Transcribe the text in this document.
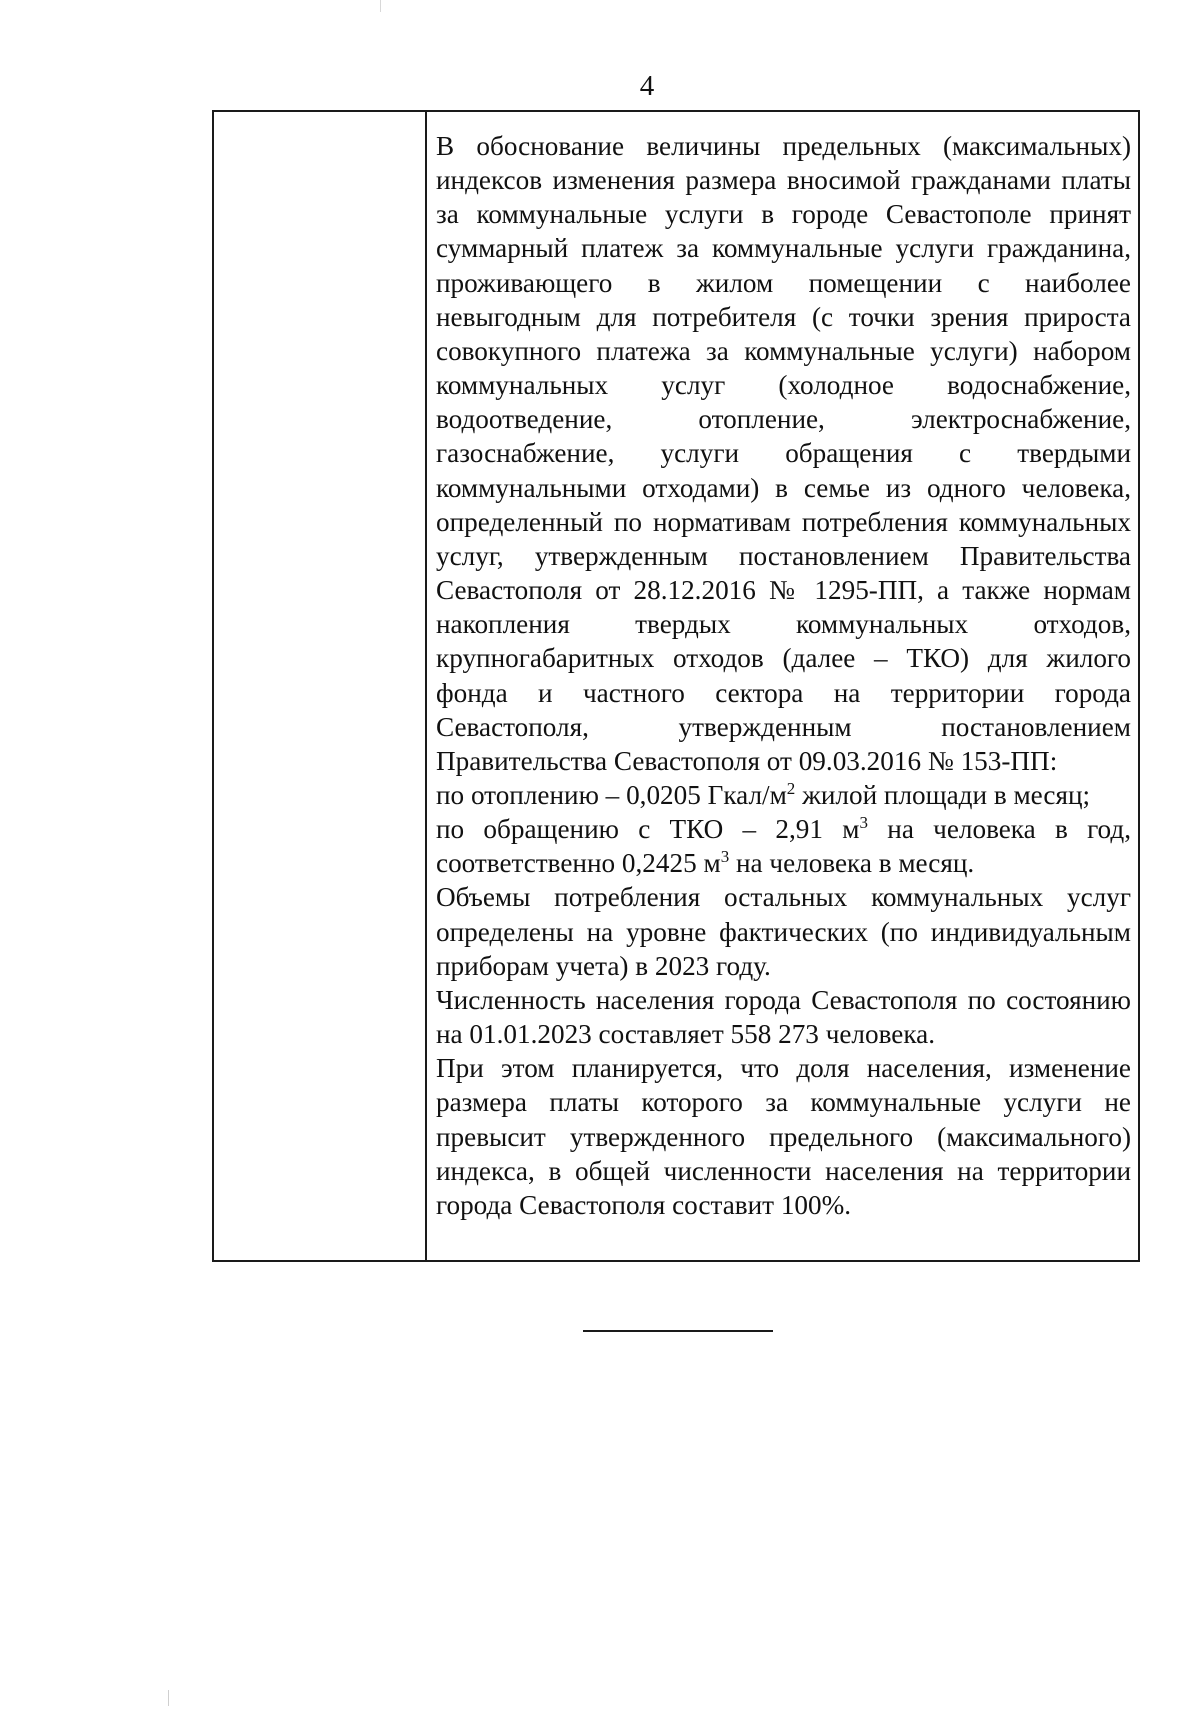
4

В обоснование величины предельных (максимальных) индексов изменения размера вносимой гражданами платы за коммунальные услуги в городе Севастополе принят суммарный платеж за коммунальные услуги гражданина, проживающего в жилом помещении с наиболее невыгодным для потребителя (с точки зрения прироста совокупного платежа за коммунальные услуги) набором коммунальных услуг (холодное водоснабжение, водоотведение, отопление, электроснабжение, газоснабжение, услуги обращения с твердыми коммунальными отходами) в семье из одного человека, определенный по нормативам потребления коммунальных услуг, утвержденным постановлением Правительства Севастополя от 28.12.2016 № 1295-ПП, а также нормам накопления твердых коммунальных отходов, крупногабаритных отходов (далее – ТКО) для жилого фонда и частного сектора на территории города Севастополя, утвержденным постановлением Правительства Севастополя от 09.03.2016 № 153-ПП:

по отоплению – 0,0205 Гкал/$м^2$ жилой площади в месяц;

по обращению с ТКО – 2,91 $м^3$ на человека в год, соответственно 0,2425 $м^3$ на человека в месяц.

Объемы потребления остальных коммунальных услуг определены на уровне фактических (по индивидуальным приборам учета) в 2023 году.

Численность населения города Севастополя по состоянию на 01.01.2023 составляет 558 273 человека.

При этом планируется, что доля населения, изменение размера платы которого за коммунальные услуги не превысит утвержденного предельного (максимального) индекса, в общей численности населения на территории города Севастополя составит 100%.
